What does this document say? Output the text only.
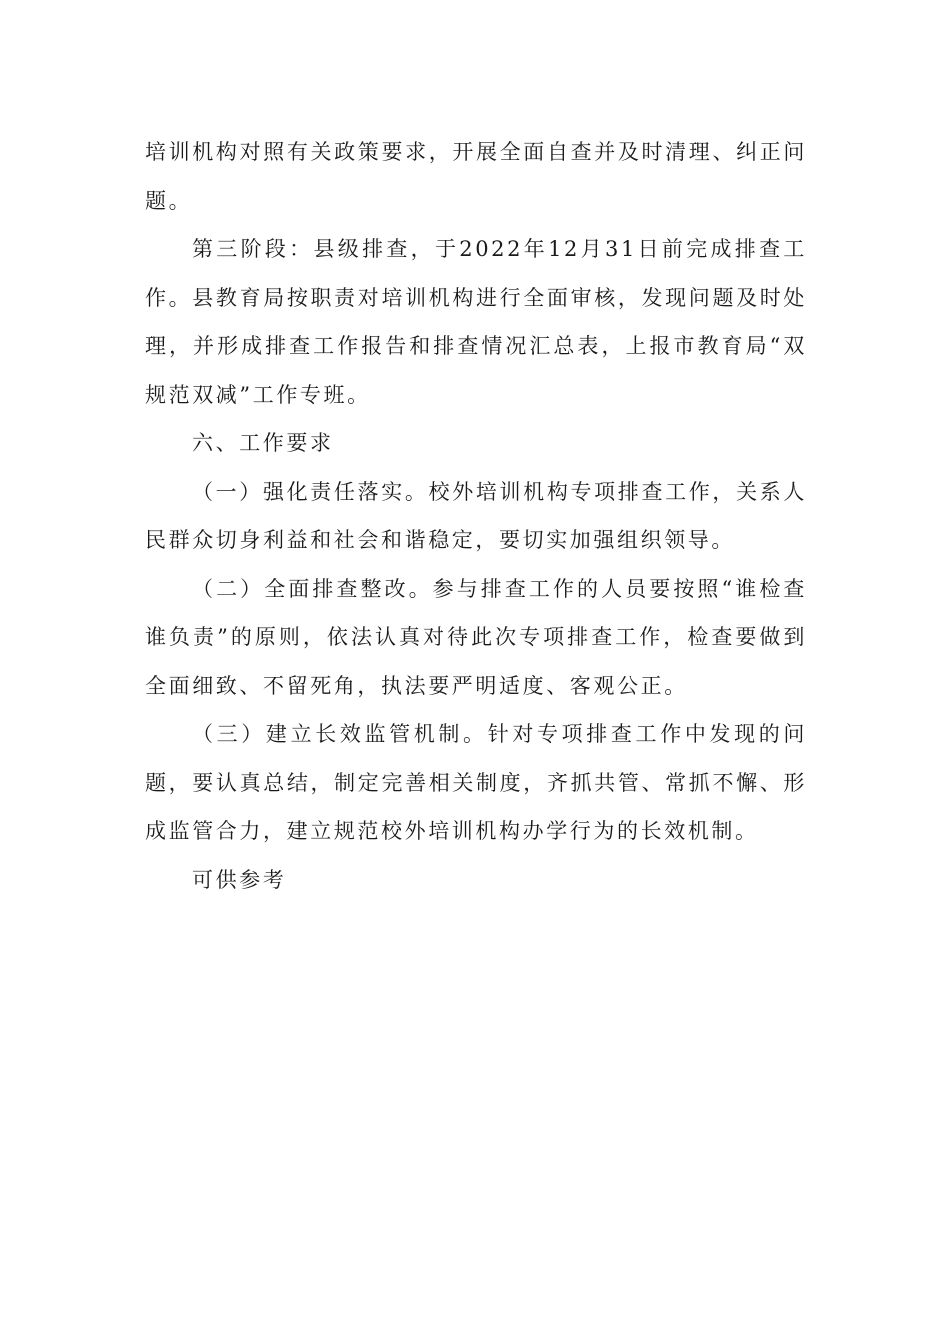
培训机构对照有关政策要求，开展全面自查并及时清理、纠正问题。

第三阶段：县级排查，于2022年12月31日前完成排查工作。县教育局按职责对培训机构进行全面审核，发现问题及时处理，并形成排查工作报告和排查情况汇总表，上报市教育局“双规范双减”工作专班。

六、工作要求

（一）强化责任落实。校外培训机构专项排查工作，关系人民群众切身利益和社会和谐稳定，要切实加强组织领导。

（二）全面排查整改。参与排查工作的人员要按照“谁检查谁负责”的原则，依法认真对待此次专项排查工作，检查要做到全面细致、不留死角，执法要严明适度、客观公正。

（三）建立长效监管机制。针对专项排查工作中发现的问题，要认真总结，制定完善相关制度，齐抓共管、常抓不懈、形成监管合力，建立规范校外培训机构办学行为的长效机制。

可供参考
